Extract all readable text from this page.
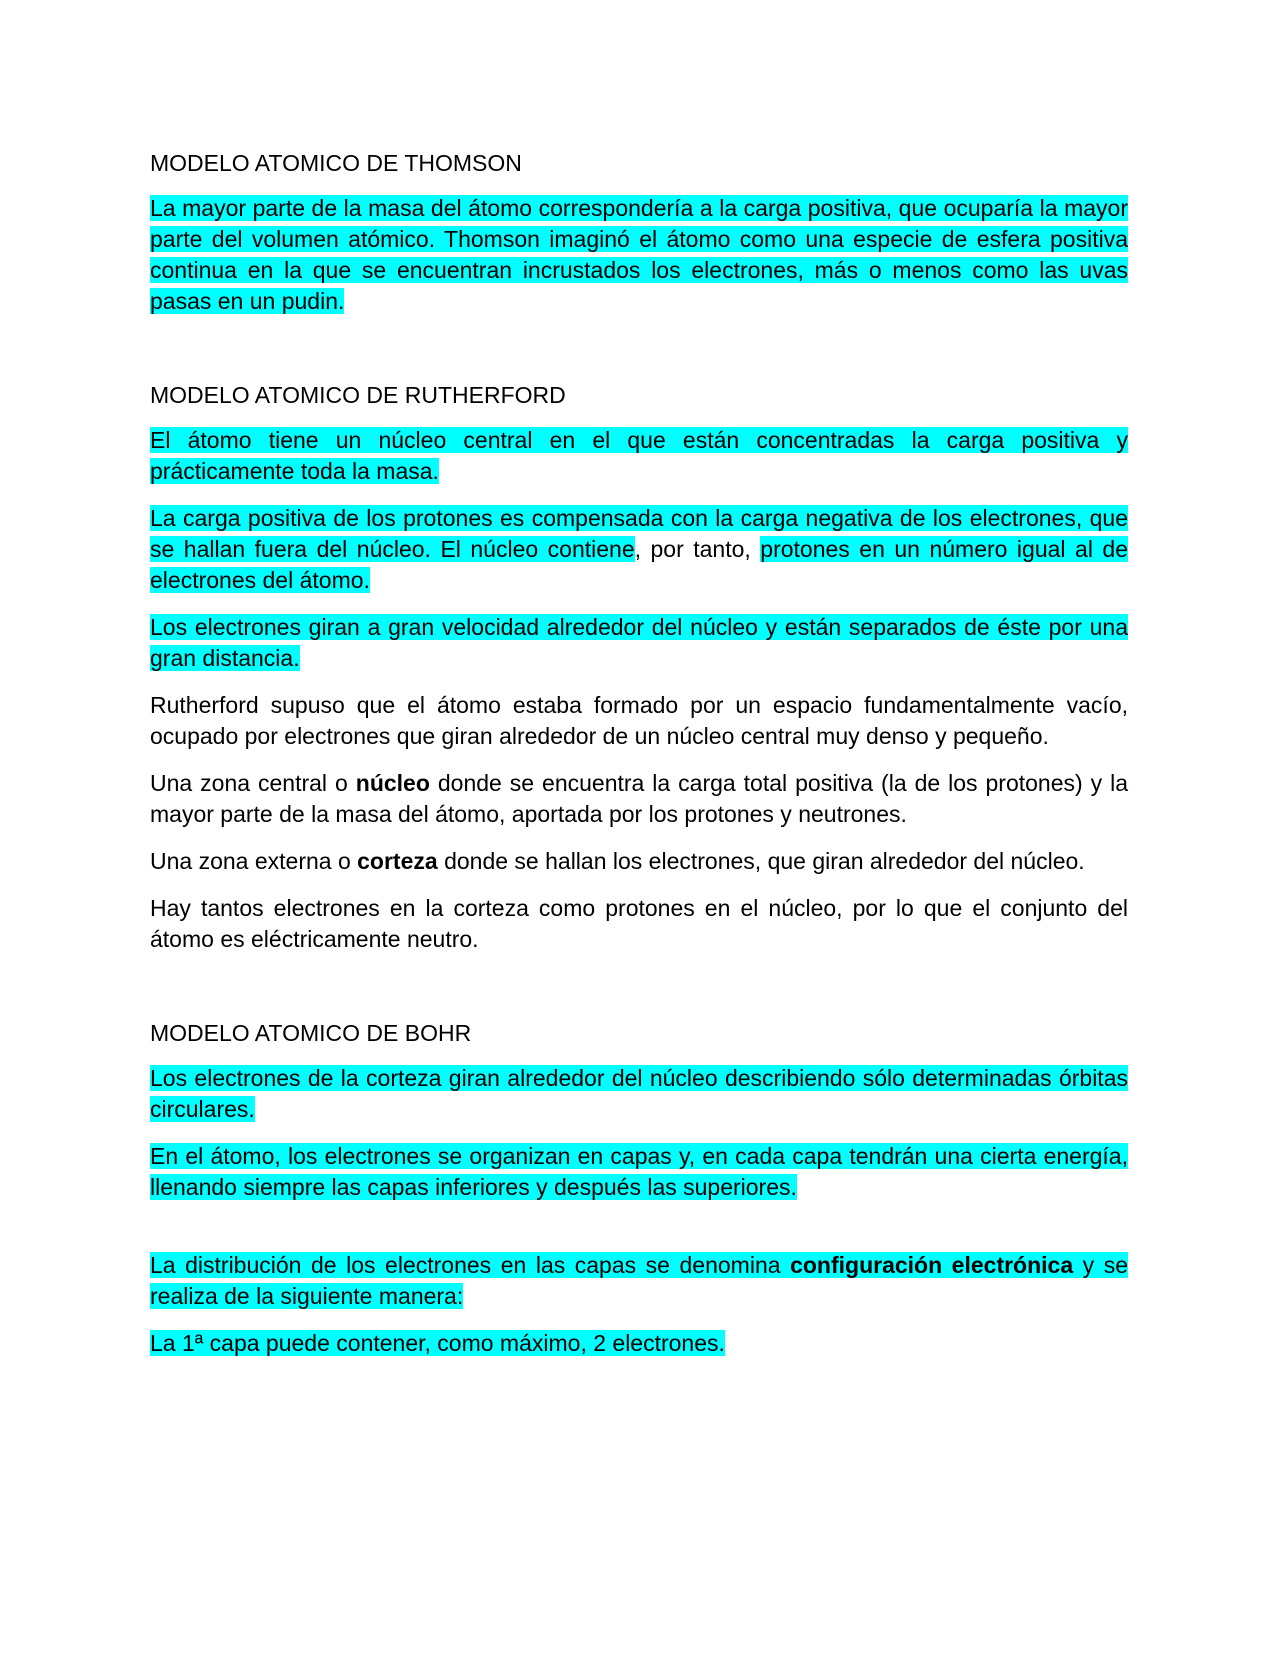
MODELO ATOMICO DE THOMSON

La mayor parte de la masa del átomo correspondería a la carga positiva, que ocuparía la mayor parte del volumen atómico. Thomson imaginó el átomo como una especie de esfera positiva continua en la que se encuentran incrustados los electrones, más o menos como las uvas pasas en un pudin.

MODELO ATOMICO DE RUTHERFORD

El átomo tiene un núcleo central en el que están concentradas la carga positiva y prácticamente toda la masa.

La carga positiva de los protones es compensada con la carga negativa de los electrones, que se hallan fuera del núcleo. El núcleo contiene, por tanto, protones en un número igual al de electrones del átomo.

Los electrones giran a gran velocidad alrededor del núcleo y están separados de éste por una gran distancia.

Rutherford supuso que el átomo estaba formado por un espacio fundamentalmente vacío, ocupado por electrones que giran alrededor de un núcleo central muy denso y pequeño.

Una zona central o núcleo donde se encuentra la carga total positiva (la de los protones) y la mayor parte de la masa del átomo, aportada por los protones y neutrones.

Una zona externa o corteza donde se hallan los electrones, que giran alrededor del núcleo.

Hay tantos electrones en la corteza como protones en el núcleo, por lo que el conjunto del átomo es eléctricamente neutro.

MODELO ATOMICO DE BOHR

Los electrones de la corteza giran alrededor del núcleo describiendo sólo determinadas órbitas circulares.

En el átomo, los electrones se organizan en capas y, en cada capa tendrán una cierta energía, llenando siempre las capas inferiores y después las superiores.

La distribución de los electrones en las capas se denomina configuración electrónica y se realiza de la siguiente manera:

La 1ª capa puede contener, como máximo, 2 electrones.
